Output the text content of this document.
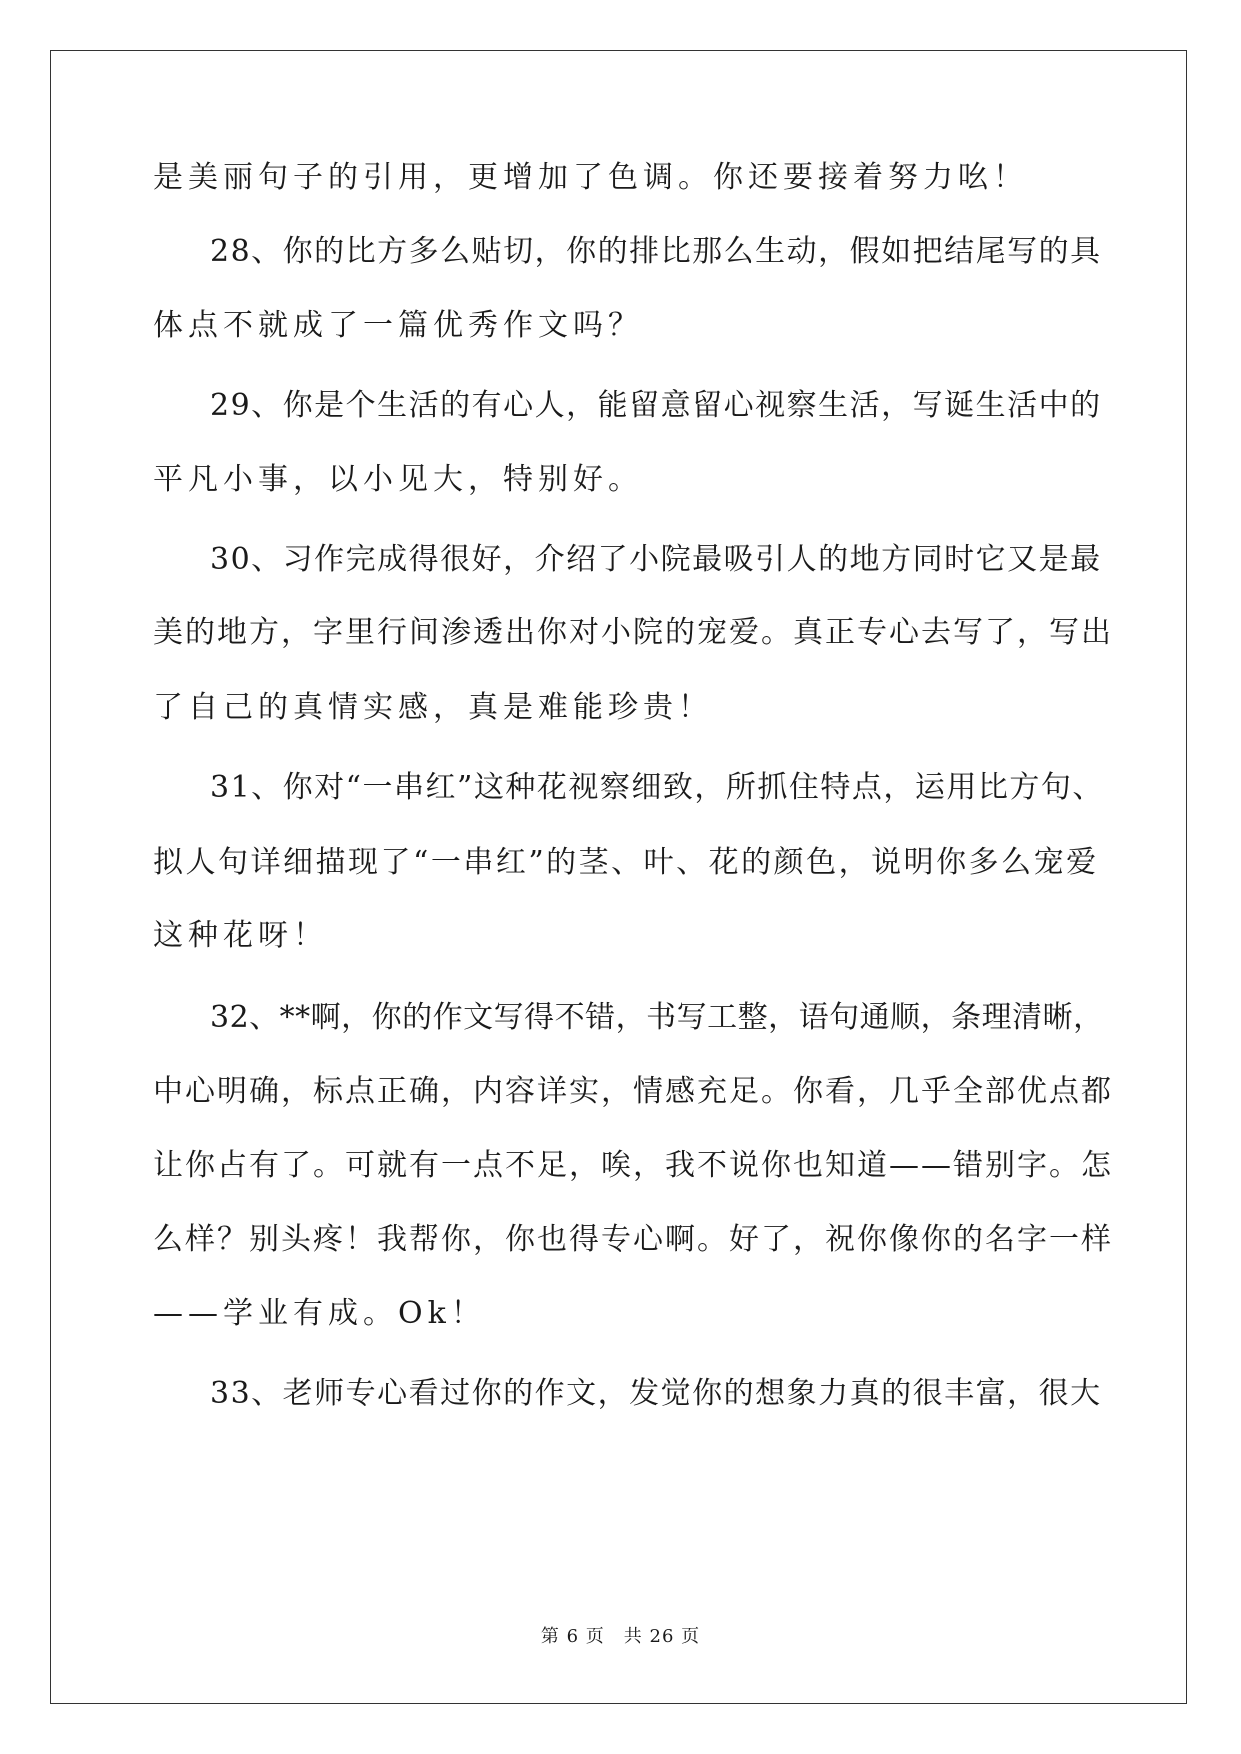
是美丽句子的引用，更增加了色调。你还要接着努力吆！
28、你的比方多么贴切，你的排比那么生动，假如把结尾写的具
体点不就成了一篇优秀作文吗？
29、你是个生活的有心人，能留意留心视察生活，写诞生活中的
平凡小事，以小见大，特别好。
30、习作完成得很好，介绍了小院最吸引人的地方同时它又是最
美的地方，字里行间渗透出你对小院的宠爱。真正专心去写了，写出
了自己的真情实感，真是难能珍贵！
31、你对“一串红”这种花视察细致，所抓住特点，运用比方句、
拟人句详细描现了“一串红”的茎、叶、花的颜色，说明你多么宠爱
这种花呀！
32、**啊，你的作文写得不错，书写工整，语句通顺，条理清晰，
中心明确，标点正确，内容详实，情感充足。你看，几乎全部优点都
让你占有了。可就有一点不足，唉，我不说你也知道——错别字。怎
么样？别头疼！我帮你，你也得专心啊。好了，祝你像你的名字一样
——学业有成。Ok！
33、老师专心看过你的作文，发觉你的想象力真的很丰富，很大
第 6 页　共 26 页
